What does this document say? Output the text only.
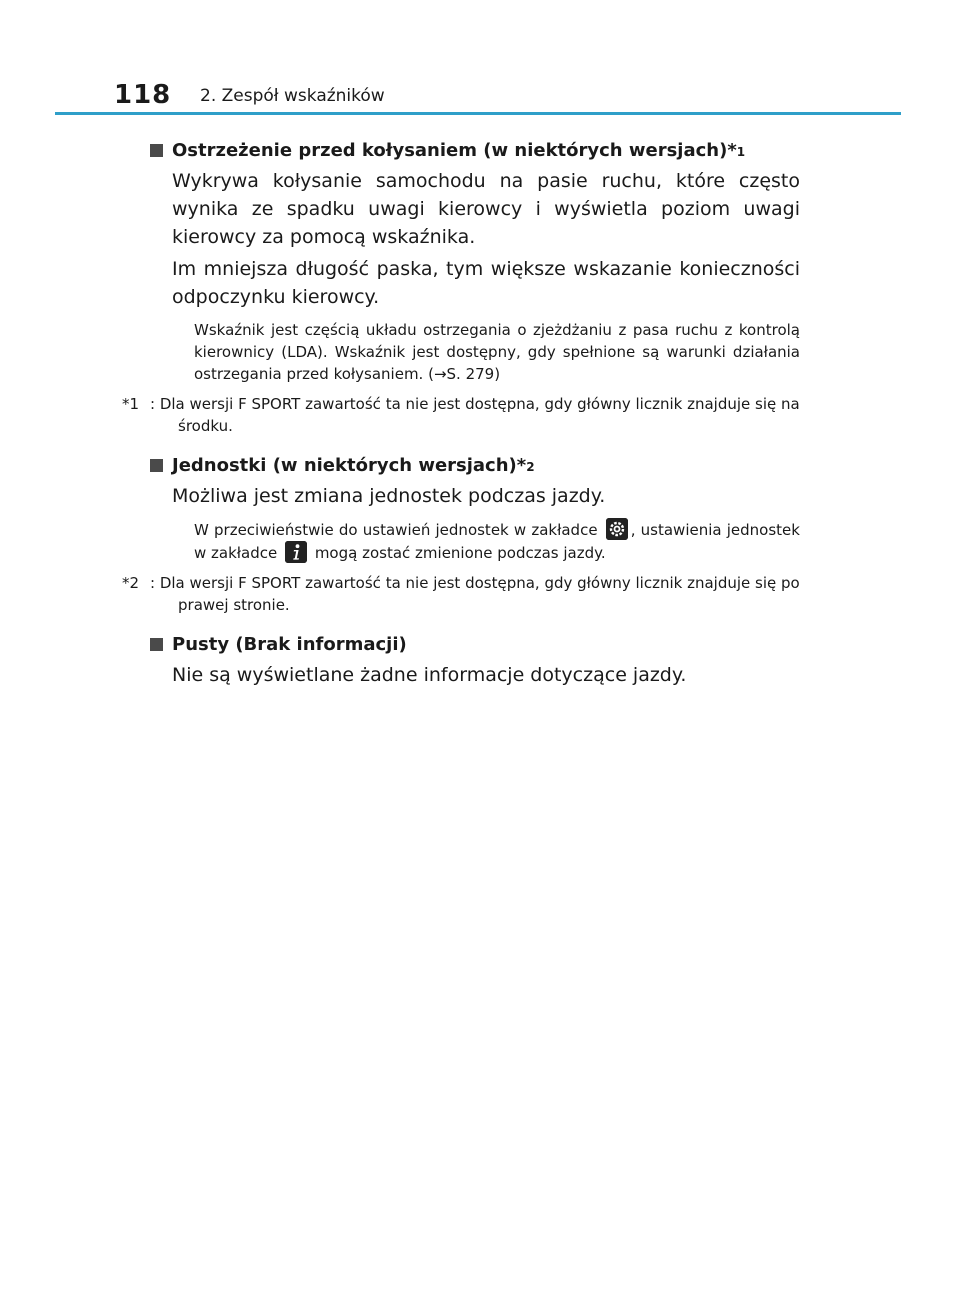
118 2. Zespół wskaźników
Ostrzeżenie przed kołysaniem (w niektórych wersjach)* 1

Wykrywa kołysanie samochodu na pasie ruchu, które często wynika ze spadku uwagi kierowcy i wyświetla poziom uwagi kierowcy za pomocą wskaźnika.

Im mniejsza długość paska, tym większe wskazanie konieczności odpoczynku kierowcy.

Wskaźnik jest częścią układu ostrzegania o zjeżdżaniu z pasa ruchu z kontrolą kierownicy (LDA). Wskaźnik jest dostępny, gdy spełnione są warunki działania ostrzegania przed kołysaniem. (→S. 279)

*1 : Dla wersji F SPORT zawartość ta nie jest dostępna, gdy główny licznik znajduje się na środku.
Jednostki (w niektórych wersjach)* 2

Możliwa jest zmiana jednostek podczas jazdy.

W przeciwieństwie do ustawień jednostek w zakładce , ustawienia jednostek w zakładce	mogą zostać zmienione podczas jazdy.

*2 : Dla wersji F SPORT zawartość ta nie jest dostępna, gdy główny licznik znajduje się po prawej stronie.
Pusty (Brak informacji)

Nie są wyświetlane żadne informacje dotyczące jazdy.
